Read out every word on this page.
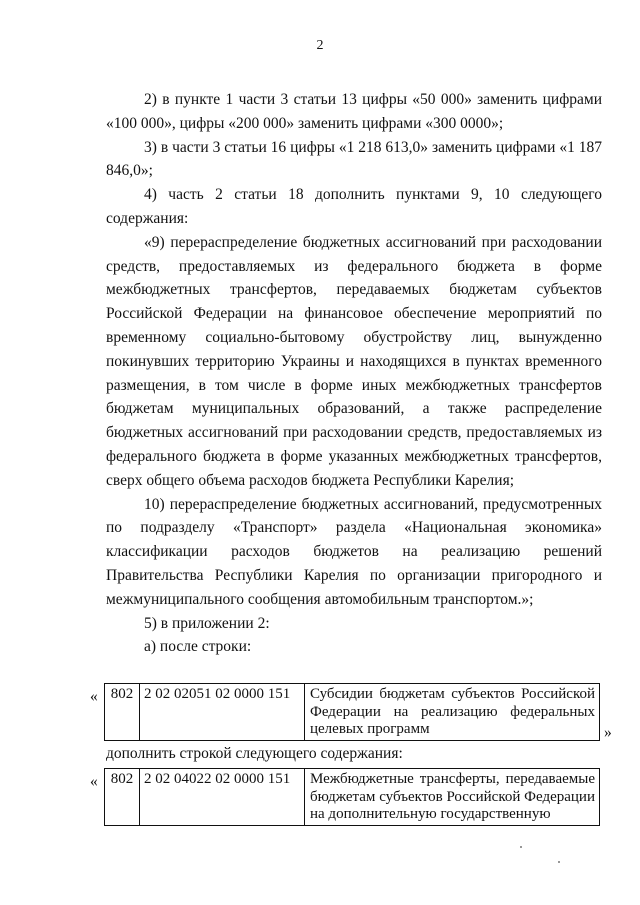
2

2) в пункте 1 части 3 статьи 13 цифры «50 000» заменить цифрами «100 000», цифры «200 000» заменить цифрами «300 0000»;

3) в части 3 статьи 16 цифры «1 218 613,0» заменить цифрами «1 187 846,0»;

4) часть 2 статьи 18 дополнить пунктами 9, 10 следующего содержания:

«9) перераспределение бюджетных ассигнований при расходовании средств, предоставляемых из федерального бюджета в форме межбюджетных трансфертов, передаваемых бюджетам субъектов Российской Федерации на финансовое обеспечение мероприятий по временному социально-бытовому обустройству лиц, вынужденно покинувших территорию Украины и находящихся в пунктах временного размещения, в том числе в форме иных межбюджетных трансфертов бюджетам муниципальных образований, а также распределение бюджетных ассигнований при расходовании средств, предоставляемых из федерального бюджета в форме указанных межбюджетных трансфертов, сверх общего объема расходов бюджета Республики Карелия;

10) перераспределение бюджетных ассигнований, предусмотренных по подразделу «Транспорт» раздела «Национальная экономика» классификации расходов бюджетов на реализацию решений Правительства Республики Карелия по организации пригородного и межмуниципального сообщения автомобильным транспортом.»;

5) в приложении 2:

а) после строки:

« 802	2 02 02051 02 0000 151	Субсидии бюджетам субъектов Российской Федерации на реализацию федеральных целевых программ	»

дополнить строкой следующего содержания:

« 802	2 02 04022 02 0000 151	Межбюджетные трансферты, передаваемые бюджетам субъектов Российской Федерации на дополнительную государственную
